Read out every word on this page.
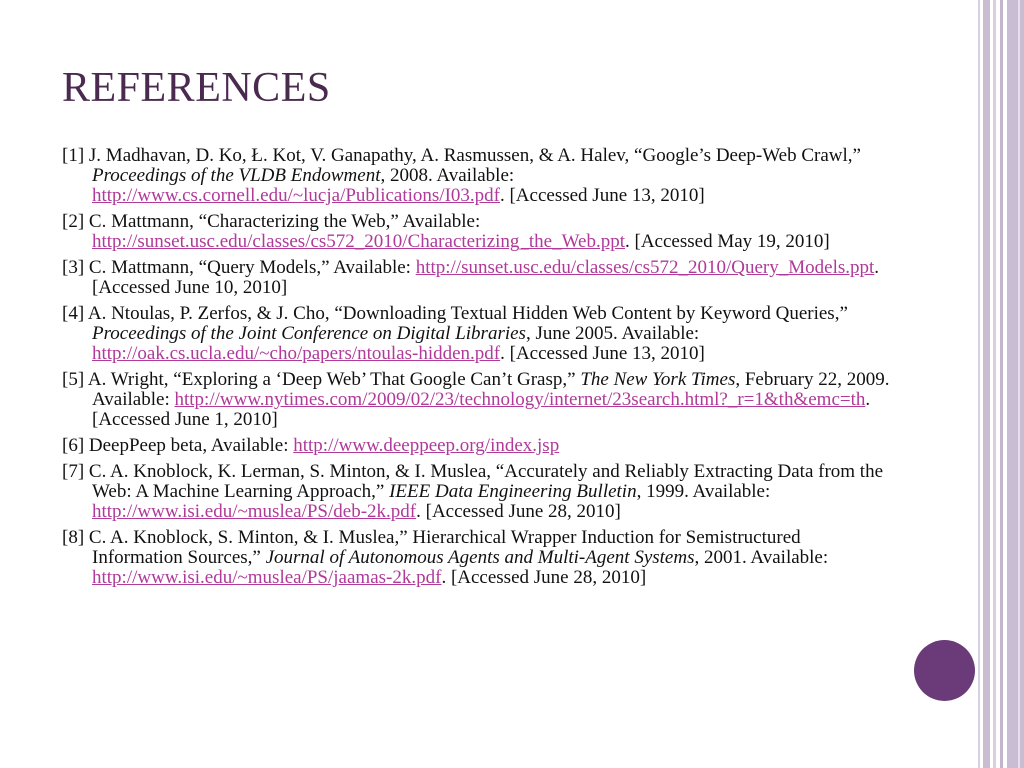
REFERENCES

[1] J. Madhavan, D. Ko, Ł. Kot, V. Ganapathy, A. Rasmussen, & A. Halev, “Google’s Deep-Web Crawl,” Proceedings of the VLDB Endowment, 2008. Available: http://www.cs.cornell.edu/~lucja/Publications/I03.pdf. [Accessed June 13, 2010]

[2] C. Mattmann, “Characterizing the Web,” Available: http://sunset.usc.edu/classes/cs572_2010/Characterizing_the_Web.ppt. [Accessed May 19, 2010]

[3] C. Mattmann, “Query Models,” Available: http://sunset.usc.edu/classes/cs572_2010/Query_Models.ppt. [Accessed June 10, 2010]

[4] A. Ntoulas, P. Zerfos, & J. Cho, “Downloading Textual Hidden Web Content by Keyword Queries,” Proceedings of the Joint Conference on Digital Libraries, June 2005. Available: http://oak.cs.ucla.edu/~cho/papers/ntoulas-hidden.pdf. [Accessed June 13, 2010]

[5] A. Wright, “Exploring a ‘Deep Web’ That Google Can’t Grasp,” The New York Times, February 22, 2009. Available: http://www.nytimes.com/2009/02/23/technology/internet/23search.html?_r=1&th&emc=th. [Accessed June 1, 2010]

[6] DeepPeep beta, Available: http://www.deeppeep.org/index.jsp

[7] C. A. Knoblock, K. Lerman, S. Minton, & I. Muslea, “Accurately and Reliably Extracting Data from the Web: A Machine Learning Approach,” IEEE Data Engineering Bulletin, 1999. Available: http://www.isi.edu/~muslea/PS/deb-2k.pdf. [Accessed June 28, 2010]

[8] C. A. Knoblock, S. Minton, & I. Muslea,” Hierarchical Wrapper Induction for Semistructured Information Sources,” Journal of Autonomous Agents and Multi-Agent Systems, 2001. Available: http://www.isi.edu/~muslea/PS/jaamas-2k.pdf. [Accessed June 28, 2010]
